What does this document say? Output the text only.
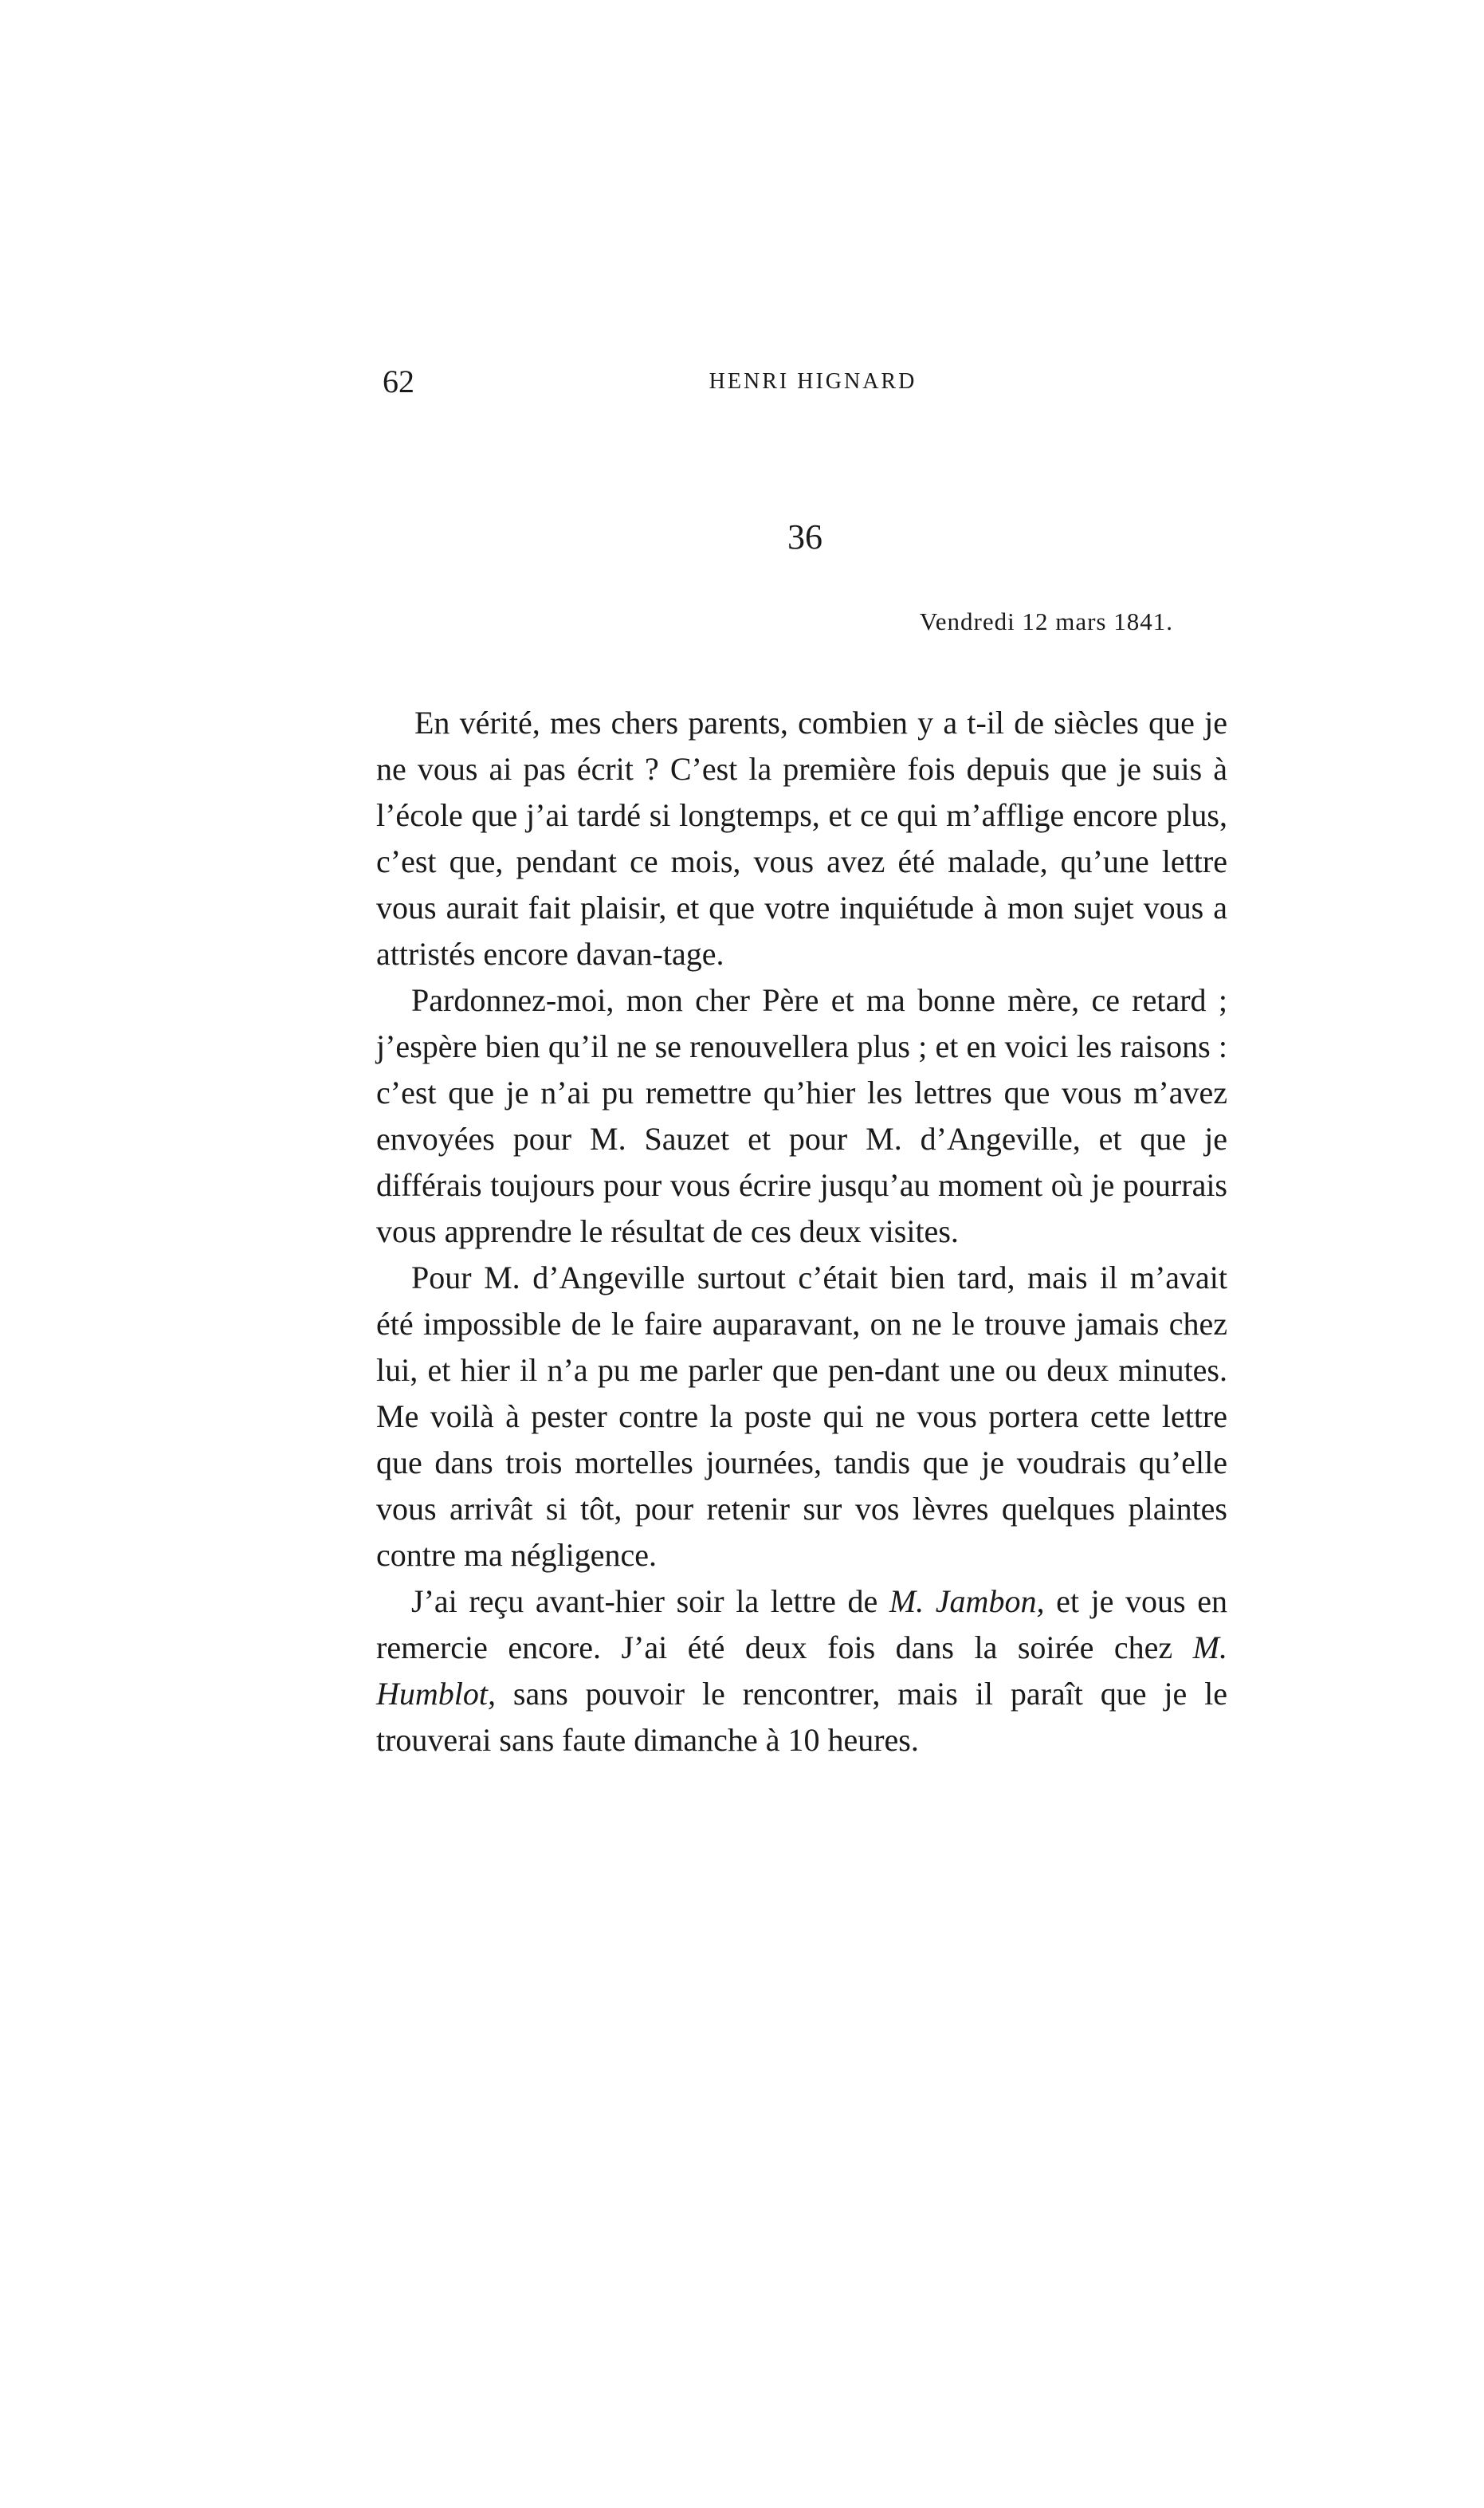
62	HENRI HIGNARD
36
Vendredi 12 mars 1841.

En vérité, mes chers parents, combien y a t-il de siècles que je ne vous ai pas écrit ? C’est la première fois depuis que je suis à l’école que j’ai tardé si longtemps, et ce qui m’afflige encore plus, c’est que, pendant ce mois, vous avez été malade, qu’une lettre vous aurait fait plaisir, et que votre inquiétude à mon sujet vous a attristés encore davan-tage.

Pardonnez-moi, mon cher Père et ma bonne mère, ce retard ; j’espère bien qu’il ne se renouvellera plus ; et en voici les raisons : c’est que je n’ai pu remettre qu’hier les lettres que vous m’avez envoyées pour M. Sauzet et pour M. d’Angeville, et que je différais toujours pour vous écrire jusqu’au moment où je pourrais vous apprendre le résultat de ces deux visites.

Pour M. d’Angeville surtout c’était bien tard, mais il m’avait été impossible de le faire auparavant, on ne le trouve jamais chez lui, et hier il n’a pu me parler que pen-dant une ou deux minutes. Me voilà à pester contre la poste qui ne vous portera cette lettre que dans trois mortelles journées, tandis que je voudrais qu’elle vous arrivât si tôt, pour retenir sur vos lèvres quelques plaintes contre ma négligence.

J’ai reçu avant-hier soir la lettre de M. Jambon, et je vous en remercie encore. J’ai été deux fois dans la soirée chez M. Humblot, sans pouvoir le rencontrer, mais il paraît que je le trouverai sans faute dimanche à 10 heures.
